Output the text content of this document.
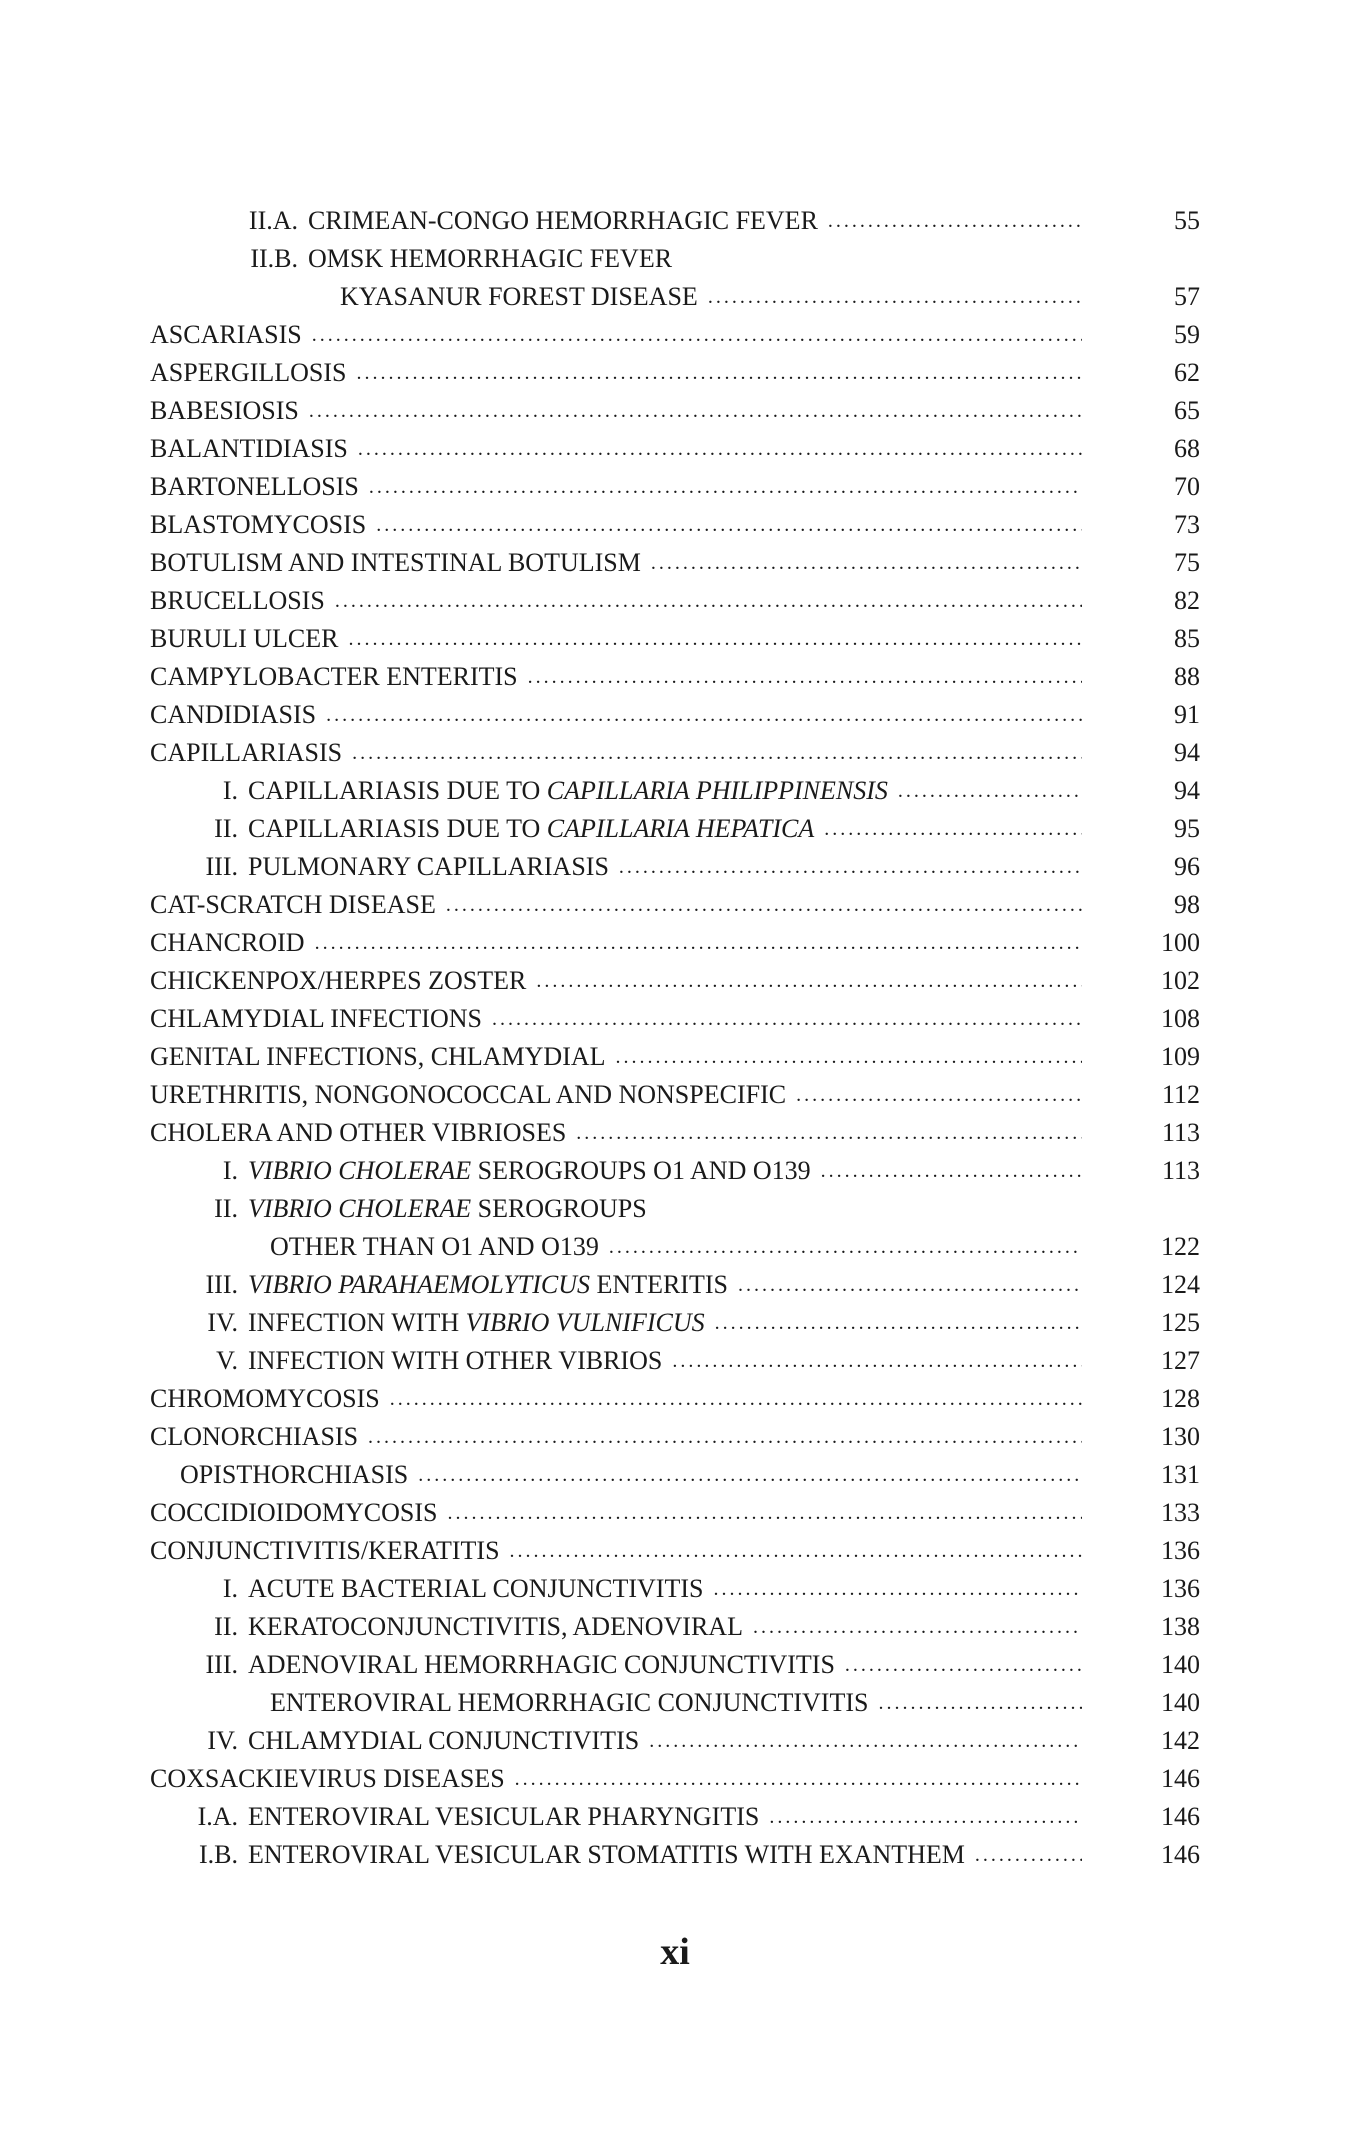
II.A. CRIMEAN-CONGO HEMORRHAGIC FEVER .....	55
II.B. OMSK HEMORRHAGIC FEVER
KYASANUR FOREST DISEASE .....	57
ASCARIASIS .....	59
ASPERGILLOSIS .....	62
BABESIOSIS .....	65
BALANTIDIASIS .....	68
BARTONELLOSIS .....	70
BLASTOMYCOSIS .....	73
BOTULISM AND INTESTINAL BOTULISM .....	75
BRUCELLOSIS .....	82
BURULI ULCER .....	85
CAMPYLOBACTER ENTERITIS .....	88
CANDIDIASIS .....	91
CAPILLARIASIS .....	94
I. CAPILLARIASIS DUE TO CAPILLARIA PHILIPPINENSIS .....	94
II. CAPILLARIASIS DUE TO CAPILLARIA HEPATICA .....	95
III. PULMONARY CAPILLARIASIS .....	96
CAT-SCRATCH DISEASE .....	98
CHANCROID .....	100
CHICKENPOX/HERPES ZOSTER .....	102
CHLAMYDIAL INFECTIONS .....	108
GENITAL INFECTIONS, CHLAMYDIAL .....	109
URETHRITIS, NONGONOCOCCAL AND NONSPECIFIC .....	112
CHOLERA AND OTHER VIBRIOSES .....	113
I. VIBRIO CHOLERAE SEROGROUPS O1 AND O139 .....	113
II. VIBRIO CHOLERAE SEROGROUPS
OTHER THAN O1 AND O139 .....	122
III. VIBRIO PARAHAEMOLYTICUS ENTERITIS .....	124
IV. INFECTION WITH VIBRIO VULNIFICUS .....	125
V. INFECTION WITH OTHER VIBRIOS .....	127
CHROMOMYCOSIS .....	128
CLONORCHIASIS .....	130
OPISTHORCHIASIS .....	131
COCCIDIOIDOMYCOSIS .....	133
CONJUNCTIVITIS/KERATITIS .....	136
I. ACUTE BACTERIAL CONJUNCTIVITIS .....	136
II. KERATOCONJUNCTIVITIS, ADENOVIRAL .....	138
III. ADENOVIRAL HEMORRHAGIC CONJUNCTIVITIS .....	140
ENTEROVIRAL HEMORRHAGIC CONJUNCTIVITIS .....	140
IV. CHLAMYDIAL CONJUNCTIVITIS .....	142
COXSACKIEVIRUS DISEASES .....	146
I.A. ENTEROVIRAL VESICULAR PHARYNGITIS .....	146
I.B. ENTEROVIRAL VESICULAR STOMATITIS WITH EXANTHEM .....	146
xi
